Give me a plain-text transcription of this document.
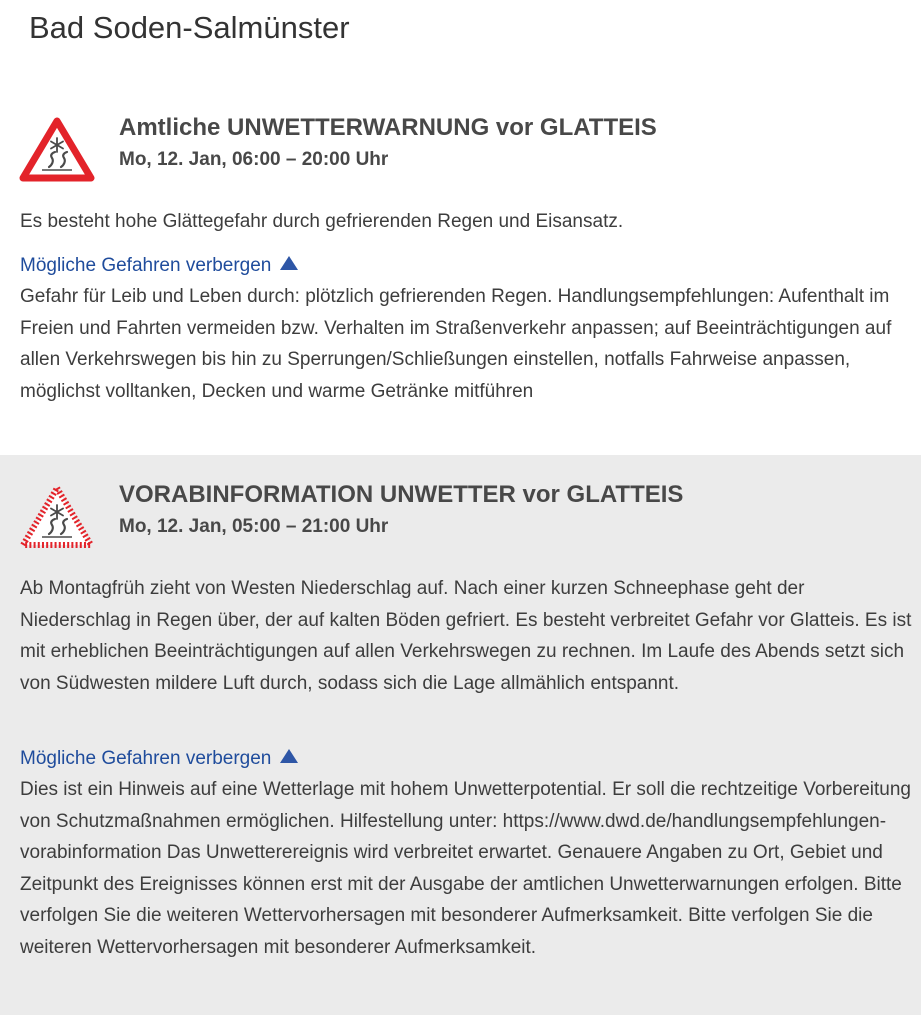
Bad Soden-Salmünster
Amtliche UNWETTERWARNUNG vor GLATTEIS
Mo, 12. Jan, 06:00 – 20:00 Uhr

Es besteht hohe Glättegefahr durch gefrierenden Regen und Eisansatz.

Mögliche Gefahren verbergen

Gefahr für Leib und Leben durch: plötzlich gefrierenden Regen. Handlungsempfehlungen: Aufenthalt im Freien und Fahrten vermeiden bzw. Verhalten im Straßenverkehr anpassen; auf Beeinträchtigungen auf allen Verkehrswegen bis hin zu Sperrungen/Schließungen einstellen, notfalls Fahrweise anpassen, möglichst volltanken, Decken und warme Getränke mitführen

VORABINFORMATION UNWETTER vor GLATTEIS
Mo, 12. Jan, 05:00 – 21:00 Uhr

Ab Montagfrüh zieht von Westen Niederschlag auf. Nach einer kurzen Schneephase geht der Niederschlag in Regen über, der auf kalten Böden gefriert. Es besteht verbreitet Gefahr vor Glatteis. Es ist mit erheblichen Beeinträchtigungen auf allen Verkehrswegen zu rechnen. Im Laufe des Abends setzt sich von Südwesten mildere Luft durch, sodass sich die Lage allmählich entspannt.

Mögliche Gefahren verbergen

Dies ist ein Hinweis auf eine Wetterlage mit hohem Unwetterpotential. Er soll die rechtzeitige Vorbereitung von Schutzmaßnahmen ermöglichen. Hilfestellung unter: https://www.dwd.de/handlungsempfehlungen-vorabinformation Das Unwetterereignis wird verbreitet erwartet. Genauere Angaben zu Ort, Gebiet und Zeitpunkt des Ereignisses können erst mit der Ausgabe der amtlichen Unwetterwarnungen erfolgen. Bitte verfolgen Sie die weiteren Wettervorhersagen mit besonderer Aufmerksamkeit. Bitte verfolgen Sie die weiteren Wettervorhersagen mit besonderer Aufmerksamkeit.
